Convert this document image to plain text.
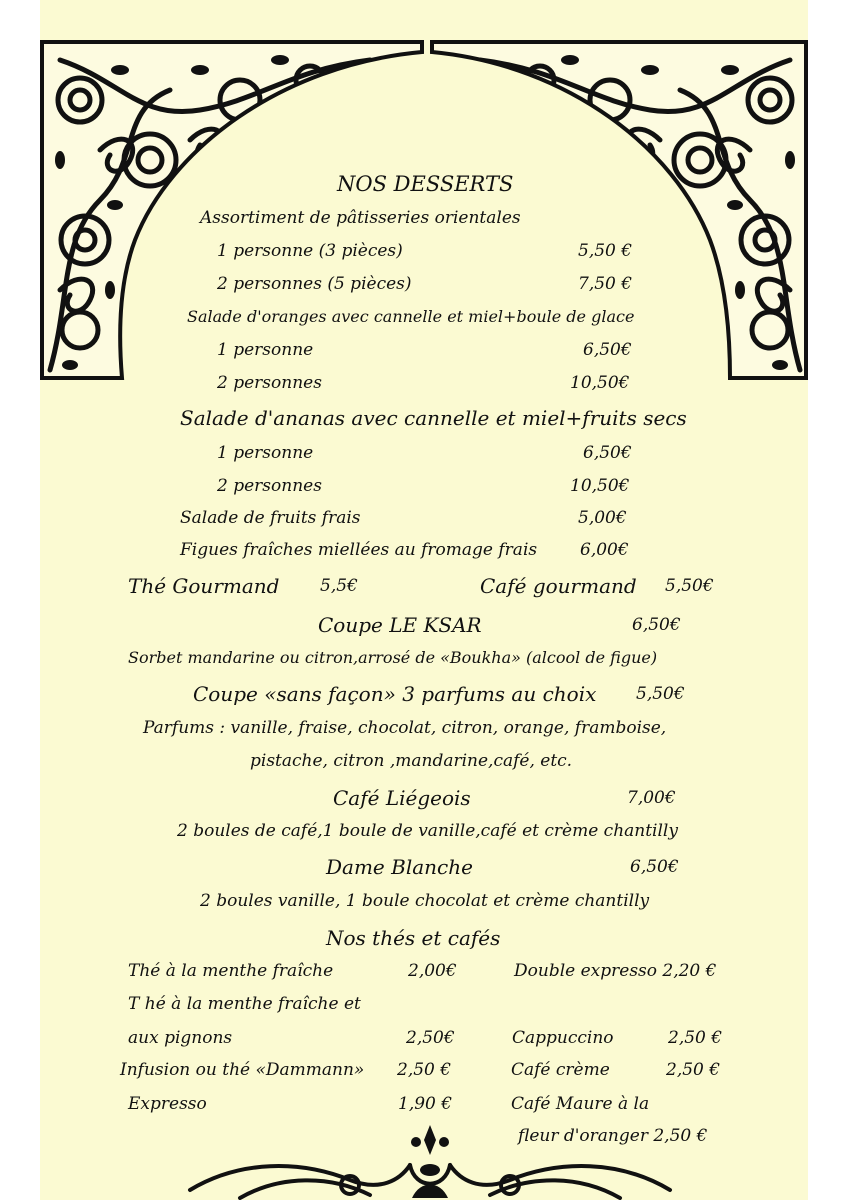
NOS DESSERTS
Assortiment de pâtisseries orientales
1 personne (3 pièces)	5,50 €
2 personnes (5 pièces)	7,50 €
Salade d'oranges avec cannelle et miel+boule de glace
1 personne	6,50€
2 personnes	10,50€
Salade d'ananas avec cannelle et miel+fruits secs
1 personne	6,50€
2 personnes	10,50€
Salade de fruits frais	5,00€
Figues fraîches miellées au fromage frais	6,00€
Thé Gourmand 5,5€	Café gourmand 5,50€
Coupe LE KSAR	6,50€
Sorbet mandarine ou citron,arrosé de «Boukha» (alcool de figue)
Coupe «sans façon» 3 parfums au choix 5,50€
Parfums : vanille, fraise, chocolat, citron, orange, framboise,
pistache, citron ,mandarine,café, etc.
Café Liégeois	7,00€
2 boules de café,1 boule de vanille,café et crème chantilly
Dame Blanche	6,50€
2 boules vanille, 1 boule chocolat et crème chantilly
Nos thés et cafés
Thé à la menthe fraîche	2,00€	Double expresso 2,20 €
T hé à la menthe fraîche et
aux pignons	2,50€	Cappuccino	2,50 €
Infusion ou thé «Dammann» 2,50 €	Café crème	2,50 €
Expresso	1,90 €	Café Maure à la
fleur d'oranger 2,50 €
